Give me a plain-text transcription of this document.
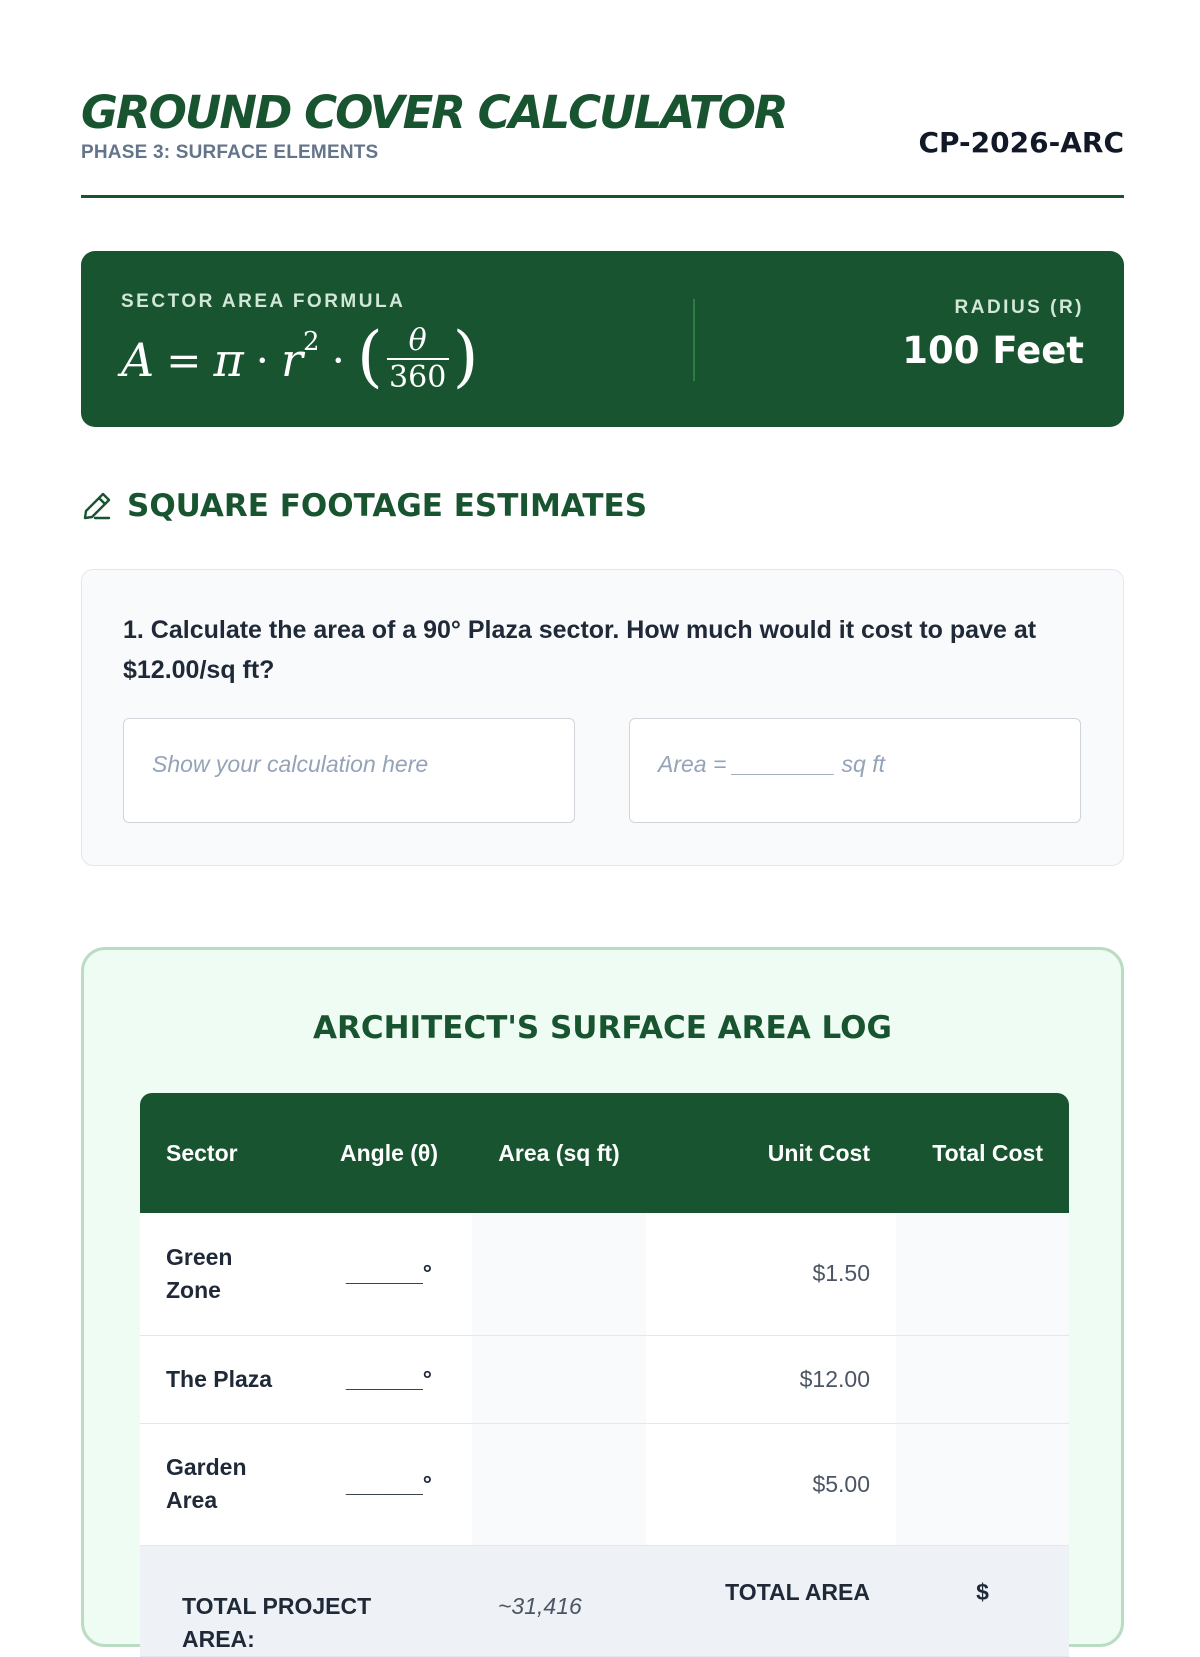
GROUND COVER CALCULATOR
PHASE 3: SURFACE ELEMENTS	CP-2026-ARC
SECTOR AREA FORMULA
$A = \pi \cdot r^2$ · ( $\frac{\theta}{360}$ )
RADIUS (R)
100 Feet
SQUARE FOOTAGE ESTIMATES
1. Calculate the area of a 90° Plaza sector. How much would it cost to pave at $12.00/sq ft?
Show your calculation here	Area = ________ sq ft
ARCHITECT'S SURFACE AREA LOG
Sector	Angle (θ)	Area (sq ft)	Unit Cost	Total Cost
Green Zone	______°		$1.50	
The Plaza	______°		$12.00	
Garden Area	______°		$5.00	
TOTAL PROJECT AREA:		~31,416	TOTAL AREA	$
